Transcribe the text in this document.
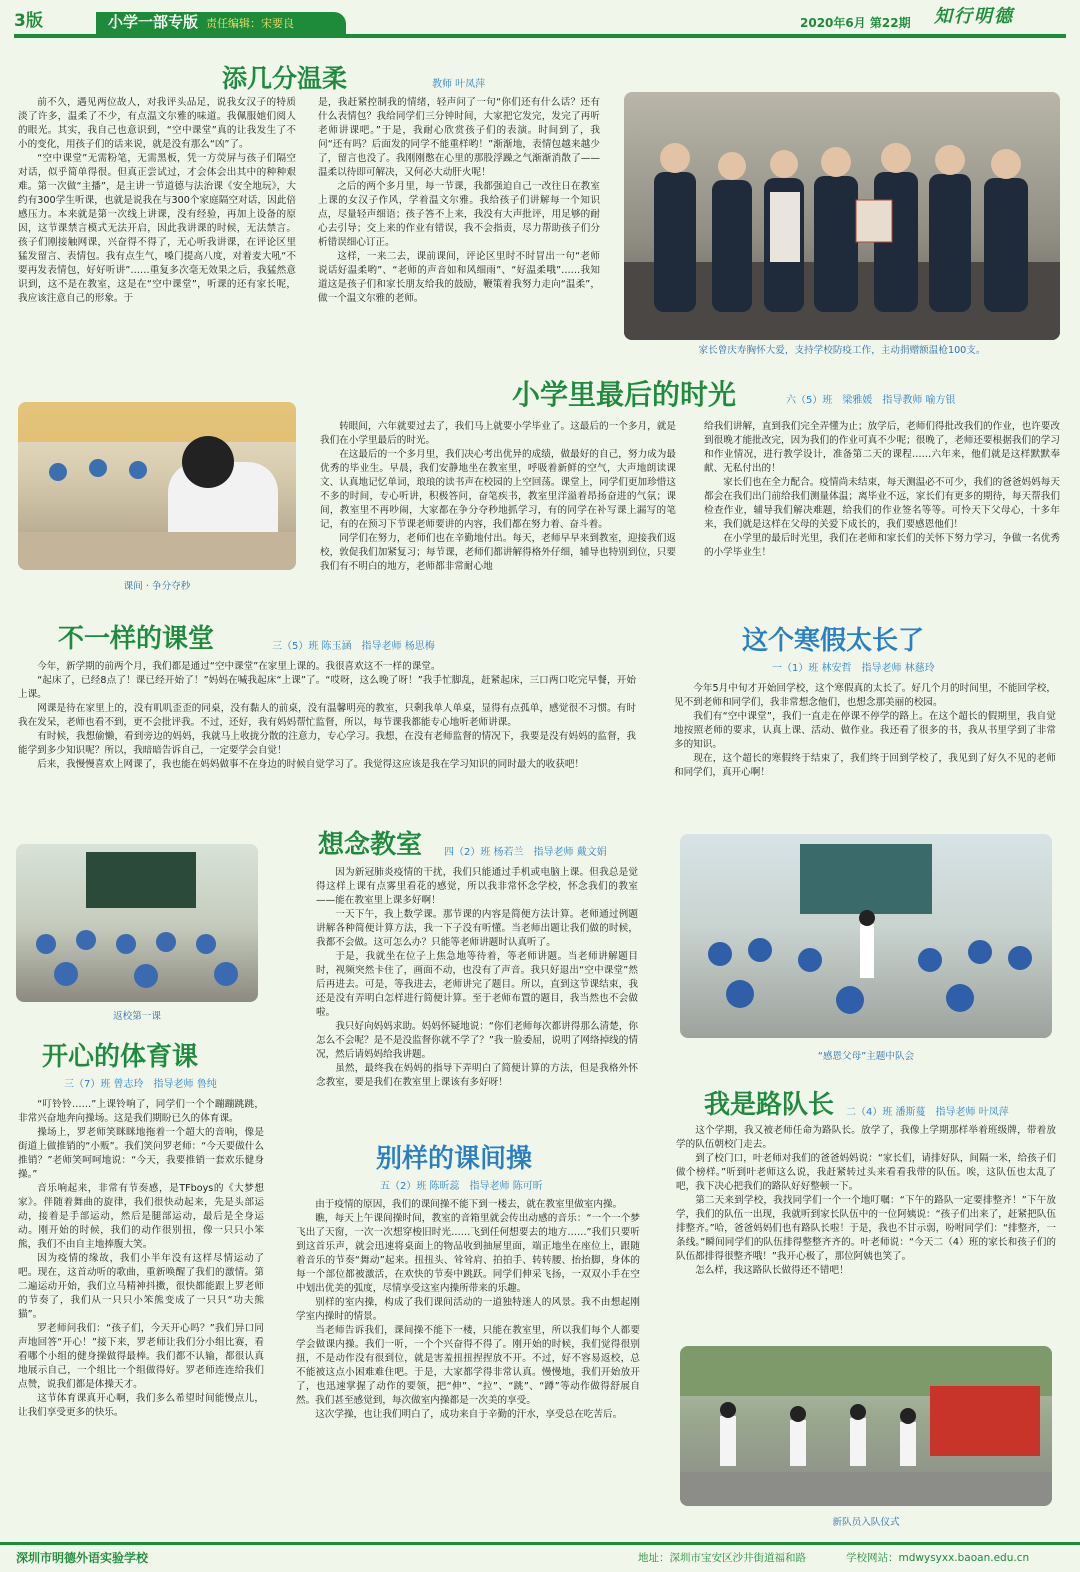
3版	小学一部专版 责任编辑：宋要良	2020年6月 第22期 知行明德
添几分温柔	教师 叶凤萍

前不久，遇见两位故人，对我评头品足，说我女汉子的特质淡了许多，温柔了不少，有点温文尔雅的味道。我佩服她们阅人的眼光。其实，我自己也意识到，“空中课堂”真的让我发生了不小的变化，用孩子们的话来说，就是没有那么“凶”了。

“空中课堂”无需粉笔，无需黑板，凭一方荧屏与孩子们隔空对话，似乎简单得很。但真正尝试过，才会体会出其中的种种艰难。第一次做“主播”，是主讲一节道德与法治课《安全地玩》，大约有300学生听课，也就是说我在与300个家庭隔空对话，因此倍感压力。本来就是第一次线上讲课，没有经验，再加上设备的原因，这节课禁言模式无法开启，因此我讲课的时候，无法禁言。孩子们刚接触网课，兴奋得不得了，无心听我讲课，在评论区里猛发留言、表情包。我有点生气，嗓门提高八度，对着麦大吼“不要再发表情包，好好听讲”……重复多次毫无效果之后，我猛然意识到，这不是在教室，这是在“空中课堂”，听课的还有家长呢，我应该注意自己的形象。于

是，我赶紧控制我的情绪，轻声问了一句“你们还有什么话？还有什么表情包？我给同学们三分钟时间，大家把它发完，发完了再听老师讲课吧。”于是，我耐心欣赏孩子们的表演。时间到了，我问“还有吗？后面发的同学不能重样哟！”渐渐地，表情包越来越少了，留言也没了。我刚刚憋在心里的那股浮躁之气渐渐消散了——温柔以待即可解决，又何必大动肝火呢！

之后的两个多月里，每一节课，我都强迫自己一改往日在教室上课的女汉子作风，学着温文尔雅。我给孩子们讲解每一个知识点，尽量轻声细语；孩子答不上来，我没有大声批评，用足够的耐心去引导；交上来的作业有错误，我不会指责，尽力帮助孩子们分析错误细心订正。

这样，一来二去，课前课间，评论区里时不时冒出一句“老师说话好温柔哟”、“老师的声音如和风细雨”、“好温柔哦”……我知道这是孩子们和家长朋友给我的鼓励，鞭策着我努力走向“温柔”，做一个温文尔雅的老师。

家长曾庆寿胸怀大爱，支持学校防疫工作，主动捐赠额温枪100支。
课间 · 争分夺秒
小学里最后的时光	六（5）班　梁雅媛　指导教师 喻方银

转眼间，六年就要过去了，我们马上就要小学毕业了。这最后的一个多月，就是我们在小学里最后的时光。

在这最后的一个多月里，我们决心考出优异的成绩，做最好的自己，努力成为最优秀的毕业生。早晨，我们安静地坐在教室里，呼吸着新鲜的空气，大声地朗读课文、认真地记忆单词，琅琅的读书声在校园的上空回荡。课堂上，同学们更加珍惜这不多的时间，专心听讲，积极答问，奋笔疾书，教室里洋溢着昂扬奋进的气氛；课间，教室里不再吵闹，大家都在争分夺秒地抓学习，有的同学在补写课上漏写的笔记，有的在预习下节课老师要讲的内容，我们都在努力着、奋斗着。

同学们在努力，老师们也在辛勤地付出。每天，老师早早来到教室，迎接我们返校，敦促我们加紧复习；每节课，老师们都讲解得格外仔细，辅导也特别到位，只要我们有不明白的地方，老师都非常耐心地

给我们讲解，直到我们完全弄懂为止；放学后，老师们得批改我们的作业，也许要改到很晚才能批改完，因为我们的作业可真不少呢；很晚了，老师还要根据我们的学习和作业情况，进行教学设计，准备第二天的课程……六年来，他们就是这样默默奉献、无私付出的！

家长们也在全力配合。疫情尚未结束，每天测温必不可少，我们的爸爸妈妈每天都会在我们出门前给我们测量体温；离毕业不远，家长们有更多的期待，每天帮我们检查作业，辅导我们解决难题，给我们的作业签名等等。可怜天下父母心，十多年来，我们就是这样在父母的关爱下成长的，我们要感恩他们！

在小学里的最后时光里，我们在老师和家长们的关怀下努力学习，争做一名优秀的小学毕业生！

不一样的课堂	三（5）班 陈玉涵　指导老师 杨思梅

今年，新学期的前两个月，我们都是通过“空中课堂”在家里上课的。我很喜欢这不一样的课堂。

“起床了，已经8点了！课已经开始了！”妈妈在喊我起床“上课”了。“哎呀，这么晚了呀！”我手忙脚乱，赶紧起床，三口两口吃完早餐，开始上课。

网课是待在家里上的，没有叽叽歪歪的同桌，没有黏人的前桌，没有温馨明亮的教室，只剩我单人单桌，显得有点孤单，感觉很不习惯。有时我在发呆，老师也看不到，更不会批评我。不过，还好，我有妈妈帮忙监督，所以，每节课我都能专心地听老师讲课。

有时候，我想偷懒，看到旁边的妈妈，我就马上收拢分散的注意力，专心学习。我想，在没有老师监督的情况下，我要是没有妈妈的监督，我能学到多少知识呢？所以，我暗暗告诉自己，一定要学会自觉！

后来，我慢慢喜欢上网课了，我也能在妈妈做事不在身边的时候自觉学习了。我觉得这应该是我在学习知识的同时最大的收获吧！

这个寒假太长了
一（1）班 林安哲　指导老师 林慈玲

今年5月中旬才开始回学校，这个寒假真的太长了。好几个月的时间里，不能回学校，见不到老师和同学们，我非常想念他们，也想念那美丽的校园。

我们有“空中课堂”，我们一直走在停课不停学的路上。在这个超长的假期里，我自觉地按照老师的要求，认真上课、活动、做作业。我还看了很多的书，我从书里学到了非常多的知识。

现在，这个超长的寒假终于结束了，我们终于回到学校了，我见到了好久不见的老师和同学们，真开心啊！

返校第一课
想念教室 四（2）班 杨若兰　指导老师 戴文娟

因为新冠肺炎疫情的干扰，我们只能通过手机或电脑上课。但我总是觉得这样上课有点雾里看花的感觉，所以我非常怀念学校，怀念我们的教室——能在教室里上课多好啊！

一天下午，我上数学课。那节课的内容是简便方法计算。老师通过例题讲解各种简便计算方法，我一下子没有听懂。当老师出题让我们做的时候，我都不会做。这可怎么办？只能等老师讲题时认真听了。

于是，我就坐在位子上焦急地等待着，等老师讲题。当老师讲解题目时，视频突然卡住了，画面不动，也没有了声音。我只好退出“空中课堂”然后再进去。可是，等我进去，老师讲完了题目。所以，直到这节课结束，我还是没有弄明白怎样进行简便计算。至于老师布置的题目，我当然也不会做啦。

我只好向妈妈求助。妈妈怀疑地说：“你们老师每次都讲得那么清楚，你怎么不会呢？是不是没监督你就不学了？”我一脸委屈，说明了网络掉线的情况，然后请妈妈给我讲题。

虽然，最终我在妈妈的指导下弄明白了简便计算的方法，但是我格外怀念教室，要是我们在教室里上课该有多好呀！

“感恩父母”主题中队会
开心的体育课
三（7）班 曾志玲　指导老师 鲁纯

“叮铃铃……”上课铃响了，同学们一个个蹦蹦跳跳，非常兴奋地奔向操场。这是我们期盼已久的体育课。

操场上，罗老师笑眯眯地拖着一个超大的音响，像是街道上做推销的“小贩”。我们笑问罗老师：“今天要做什么推销？”老师笑呵呵地说：“今天，我要推销一套欢乐健身操。”

音乐响起来，非常有节奏感，是TFboys的《大梦想家》。伴随着舞曲的旋律，我们很快动起来，先是头部运动，接着是手部运动，然后是腿部运动，最后是全身运动。刚开始的时候，我们的动作很别扭，像一只只小笨熊，我们不由自主地捧腹大笑。

因为疫情的缘故，我们小半年没有这样尽情运动了吧。现在，这首动听的歌曲，重新唤醒了我们的激情。第二遍运动开始，我们立马精神抖擞，很快都能跟上罗老师的节奏了，我们从一只只小笨熊变成了一只只“功夫熊猫”。

罗老师问我们：“孩子们，今天开心吗？”我们异口同声地回答“开心！”接下来，罗老师让我们分小组比赛，看看哪个小组的健身操做得最棒。我们都不认输，都很认真地展示自己，一个组比一个组做得好。罗老师连连给我们点赞，说我们都是体操天才。

这节体育课真开心啊，我们多么希望时间能慢点儿，让我们享受更多的快乐。

别样的课间操
五（2）班 陈昕蕊　指导老师 陈可昕

由于疫情的原因，我们的课间操不能下到一楼去，就在教室里做室内操。

瞧，每天上午课间操时间，教室的音箱里就会传出动感的音乐：“一个一个梦飞出了天窗，一次一次想穿梭旧时光……飞到任何想要去的地方……”我们只要听到这首乐声，就会迅速将桌面上的物品收到抽屉里面，端正地坐在座位上，跟随着音乐的节奏“舞动”起来。扭扭头、耸耸肩、拍拍手、转转腰、抬抬脚，身体的每一个部位都被激活，在欢快的节奏中跳跃。同学们伸采飞扬，一双双小手在空中划出优美的弧度，尽情享受这室内操所带来的乐趣。

别样的室内操，构成了我们课间活动的一道独特迷人的风景。我不由想起刚学室内操时的情景。

当老师告诉我们，课间操不能下一楼，只能在教室里，所以我们每个人都要学会做课内操。我们一听，一个个兴奋得不得了。刚开始的时候，我们觉得很别扭，不是动作没有很到位，就是害羞扭扭捏捏放不开。不过，好不容易返校，总不能被这点小困难难住吧。于是，大家都学得非常认真。慢慢地，我们开始放开了，也迅速掌握了动作的要领，把“伸”、“拉”、“跳”、“蹲”等动作做得舒展自然。我们甚至感觉到，每次做室内操都是一次美的享受。

这次学操，也让我们明白了，成功来自于辛勤的汗水，享受总在吃苦后。

我是路队长 二（4）班 潘斯蔓　指导老师 叶凤萍

这个学期，我又被老师任命为路队长。放学了，我像上学期那样举着班级牌，带着放学的队伍朝校门走去。

到了校门口，叶老师对我们的爸爸妈妈说：“家长们，请排好队，间隔一米，给孩子们做个榜样。”听到叶老师这么说，我赶紧转过头来看看我带的队伍。唉，这队伍也太乱了吧，我下决心把我们的路队好好整顿一下。

第二天来到学校，我找同学们一个一个地叮嘱：“下午的路队一定要排整齐！”下午放学，我们的队伍一出现，我就听到家长队伍中的一位阿姨说：“孩子们出来了，赶紧把队伍排整齐。”哈，爸爸妈妈们也有路队长啦！于是，我也不甘示弱，吩咐同学们：“排整齐，一条线。”瞬间同学们的队伍排得整整齐齐的。叶老师说：“今天二（4）班的家长和孩子们的队伍都排得很整齐哦！”我开心极了，那位阿姨也笑了。

怎么样，我这路队长做得还不错吧！

新队员入队仪式
深圳市明德外语实验学校	地址：深圳市宝安区沙井街道福和路	学校网站：mdwysyxx.baoan.edu.cn
